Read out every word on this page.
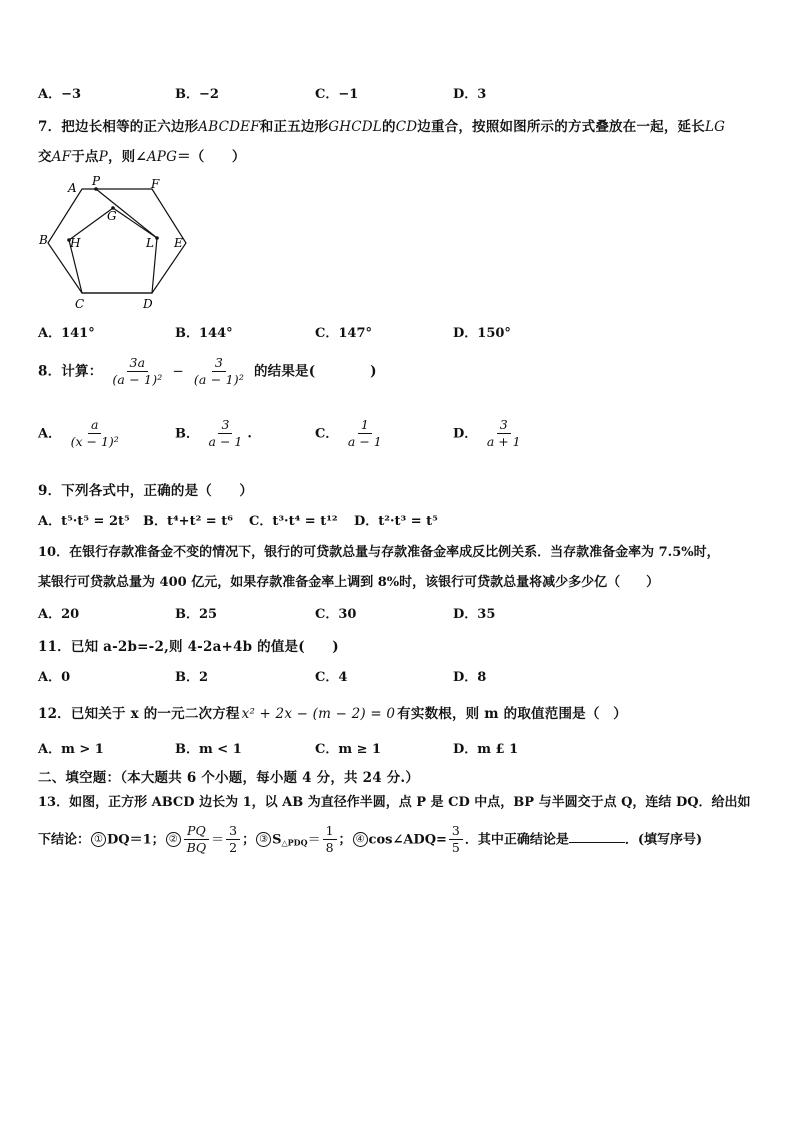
A．−3	B．−2	C．−1	D．3
7．把边长相等的正六边形ABCDEF和正五边形GHCDL的CD边重合，按照如图所示的方式叠放在一起，延长LG
交AF于点P，则∠APG＝（　　）
A P	F
G
B H	L E
C	D
A．141°	B．144°	C．147°	D．150°
8．计算： $\frac{3a}{\text{(a − 1)²}} - \frac{3}{\text{(a − 1)²}}$ 的结果是(　　　　)
A． $\frac{a}{\text{(x − 1)²}}$	B． $\frac{3}{a - 1}$ .	C． $\frac{1}{a - 1}$	D． $\frac{3}{a + 1}$
9．下列各式中，正确的是（　　）
A．t⁵·t⁵ = 2t⁵ B．t⁴+t² = t⁶ C．t³·t⁴ = t¹² D．t²·t³ = t⁵
10．在银行存款准备金不变的情况下，银行的可贷款总量与存款准备金率成反比例关系．当存款准备金率为 7.5%时，
某银行可贷款总量为 400 亿元，如果存款准备金率上调到 8%时，该银行可贷款总量将减少多少亿（　　）
A．20	B．25	C．30	D．35
11．已知 a-2b=-2,则 4-2a+4b 的值是(　　)
A．0	B．2	C．4	D．8
12．已知关于 x 的一元二次方程 x² + 2x − (m − 2) = 0 有实数根，则 m 的取值范围是（　）
A．m > 1	B．m < 1	C．m ≥ 1	D．m £ 1
二、填空题：（本大题共 6 个小题，每小题 4 分，共 24 分.）
13．如图，正方形 ABCD 边长为 1，以 AB 为直径作半圆，点 P 是 CD 中点，BP 与半圆交于点 Q，连结 DQ．给出如
下结论： ① DQ＝1； ② $\frac{PQ}{BQ} = \frac{3}{2}$ ； ③ $S_{\triangle PDQ}= \frac{1}{8}$ ； ④ cos∠ADQ= $\frac{3}{5}$ ．其中正确结论是	．(填写序号)
